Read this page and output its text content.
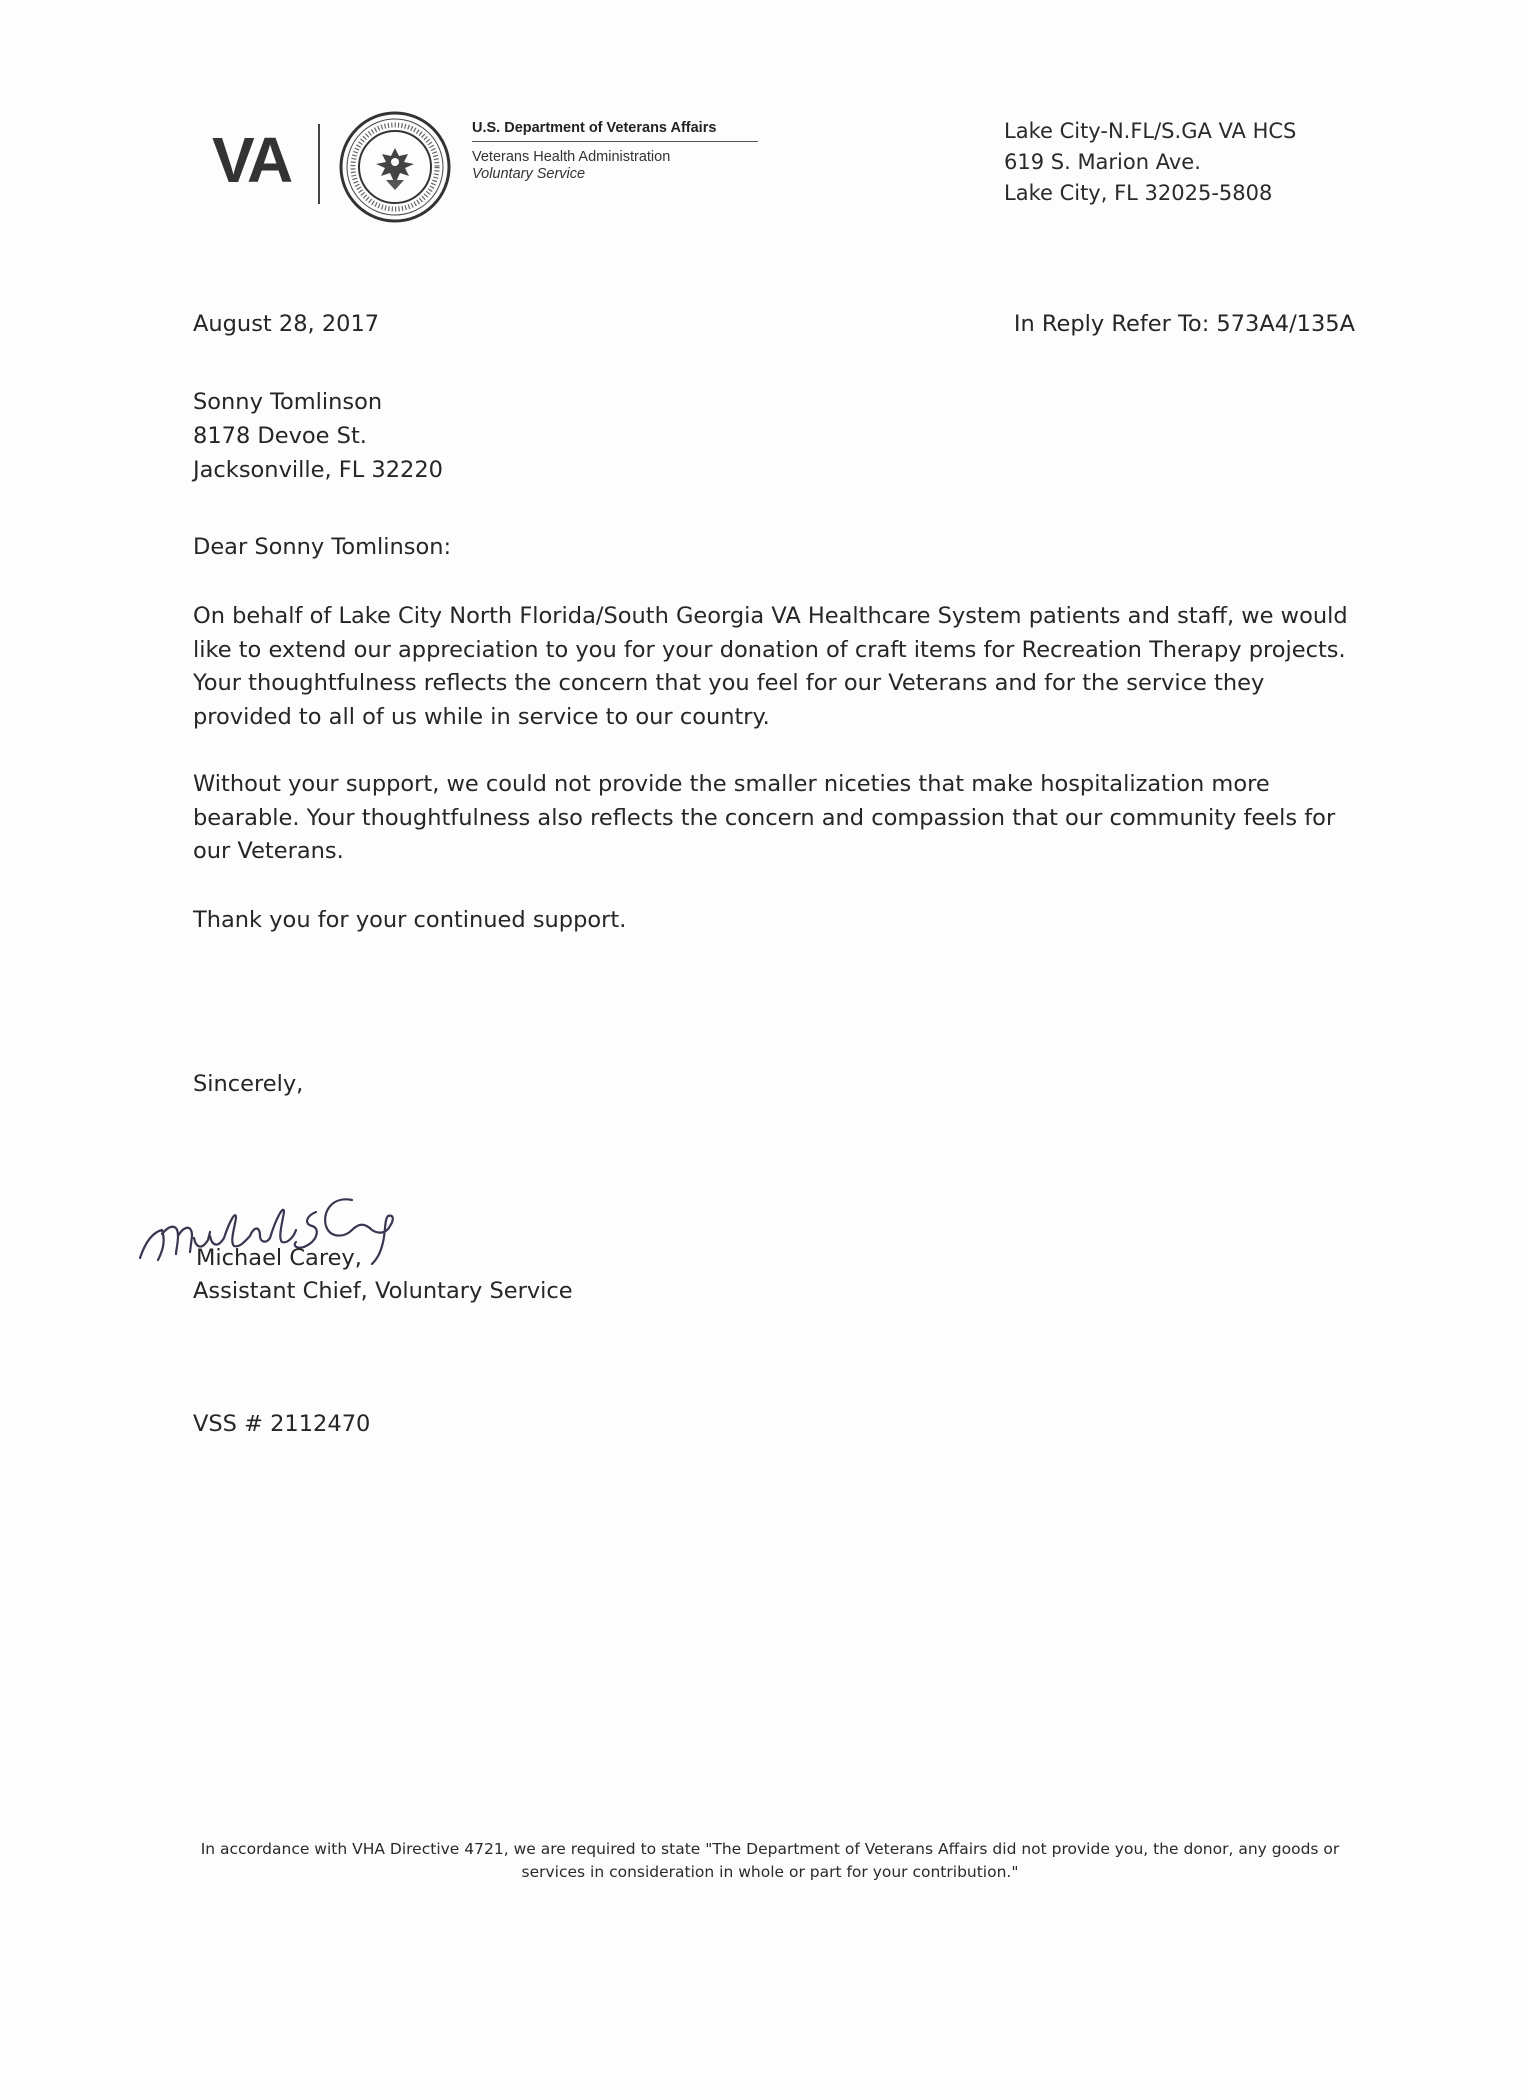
VA	U.S. Department of Veterans Affairs
Veterans Health Administration
Voluntary Service
Lake City-N.FL/S.GA VA HCS
619 S. Marion Ave.
Lake City, FL 32025-5808
August 28, 2017	In Reply Refer To: 573A4/135A
Sonny Tomlinson
8178 Devoe St.
Jacksonville, FL 32220
Dear Sonny Tomlinson:
On behalf of Lake City North Florida/South Georgia VA Healthcare System patients and staff, we would like to extend our appreciation to you for your donation of craft items for Recreation Therapy projects. Your thoughtfulness reflects the concern that you feel for our Veterans and for the service they provided to all of us while in service to our country.
Without your support, we could not provide the smaller niceties that make hospitalization more bearable. Your thoughtfulness also reflects the concern and compassion that our community feels for our Veterans.
Thank you for your continued support.
Sincerely,
Michael Carey,
Assistant Chief, Voluntary Service
VSS # 2112470
In accordance with VHA Directive 4721, we are required to state "The Department of Veterans Affairs did not provide you, the donor, any goods or services in consideration in whole or part for your contribution."
